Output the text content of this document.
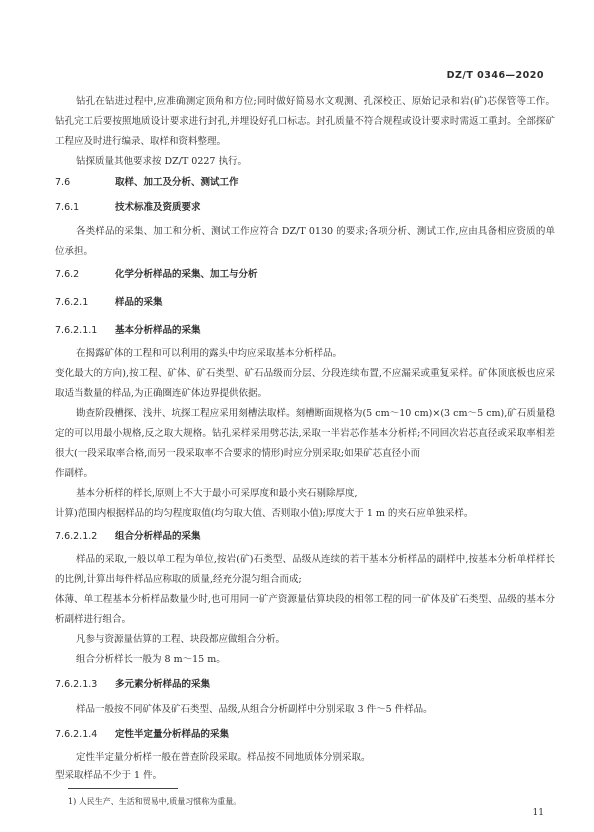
DZ/T 0346—2020
钻孔在钻进过程中,应准确测定顶角和方位;同时做好简易水文观测、孔深校正、原始记录和岩(矿)芯保管等工作。钻孔完工后要按照地质设计要求进行封孔,并埋设好孔口标志。封孔质量不符合规程或设计要求时需返工重封。全部探矿工程应及时进行编录、取样和资料整理。
钻探质量其他要求按 DZ/T 0227 执行。
7.6	取样、加工及分析、测试工作
7.6.1	技术标准及资质要求
各类样品的采集、加工和分析、测试工作应符合 DZ/T 0130 的要求;各项分析、测试工作,应由具备相应资质的单位承担。
7.6.2	化学分析样品的采集、加工与分析
7.6.2.1	样品的采集
7.6.2.1.1 基本分析样品的采集
在揭露矿体的工程和可以利用的露头中均应采取基本分析样品。
变化最大的方向),按工程、矿体、矿石类型、矿石品级而分层、分段连续布置,不应漏采或重复采样。矿体顶底板也应采取适当数量的样品,为正确圈连矿体边界提供依据。
勘查阶段槽探、浅井、坑探工程应采用刻槽法取样。刻槽断面规格为(5 cm～10 cm)×(3 cm～5 cm),矿石质量稳定的可以用最小规格,反之取大规格。钻孔采样采用劈芯法,采取一半岩芯作基本分析样;不同回次岩芯直径或采取率相差很大(一段采取率合格,而另一段采取率不合要求的情形)时应分别采取;如果矿芯直径小而
作副样。
基本分析样的样长,原则上不大于最小可采厚度和最小夹石剔除厚度,
计算)范围内根据样品的均匀程度取值(均匀取大值、否则取小值);厚度大于 1 m 的夹石应单独采样。
7.6.2.1.2 组合分析样品的采集
样品的采取,一般以单工程为单位,按岩(矿)石类型、品级从连续的若干基本分析样品的副样中,按基本分析单样样长的比例,计算出每件样品应称取的质量,经充分混匀组合而成;
体薄、单工程基本分析样品数量少时,也可用同一矿产资源量估算块段的相邻工程的同一矿体及矿石类型、品级的基本分析副样进行组合。
凡参与资源量估算的工程、块段都应做组合分析。
组合分析样长一般为 8 m～15 m。
7.6.2.1.3 多元素分析样品的采集
样品一般按不同矿体及矿石类型、品级,从组合分析副样中分别采取 3 件～5 件样品。
7.6.2.1.4 定性半定量分析样品的采集
定性半定量分析样一般在普查阶段采取。样品按不同地质体分别采取。
型采取样品不少于 1 件。
1) 人民生产、生活和贸易中,质量习惯称为重量。
11
